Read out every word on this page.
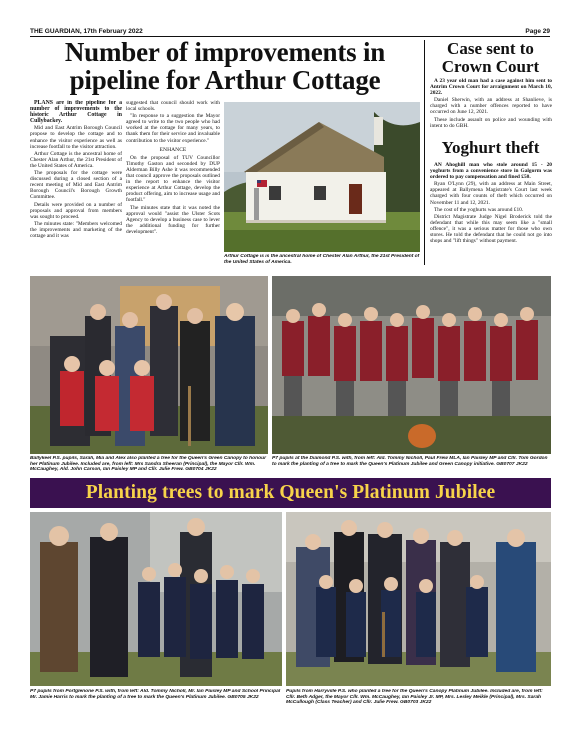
THE GUARDIAN, 17th February 2022	Page 29
Number of improvements in pipeline for Arthur Cottage

PLANS are in the pipeline for a number of improvements to the historic Arthur Cottage in Cullybackey.

Mid and East Antrim Borough Council propose to develop the cottage and to enhance the visitor experience as well as increase footfall to the visitor attraction.

Arthur Cottage is the ancestral home of Chester Alan Arthur, the 21st President of the United States of America.

The proposals for the cottage were discussed during a closed section of a recent meeting of Mid and East Antrim Borough Council's Borough Growth Committee.

Details were provided on a number of proposals and approval from members was sought to proceed.

The minutes state: "Members welcomed the improvements and marketing of the cottage and it was

suggested that council should work with local schools.

"In response to a suggestion the Mayor agreed to write to the two people who had worked at the cottage for many years, to thank them for their service and invaluable contribution to the visitor experience."

ENHANCE

On the proposal of TUV Councillor Timothy Gaston and seconded by DUP Alderman Billy Ashe it was recommended that council approve the proposals outlined in the report to enhance the visitor experience at Arthur Cottage, develop the product offering, aim to increase usage and footfall."

The minutes state that it was noted the approval would "assist the Ulster Scots Agency to develop a business case to lever the additional funding for further development".

Arthur Cottage is is the ancestral home of Chester Alan Arthur, the 21st President of the United States of America.
Case sent to Crown Court

A 23 year old man had a case against him sent to Antrim Crown Court for arraignment on March 10, 2022.

Daniel Sherwin, with an address at Shanlieve, is charged with a number offences reported to have occurred on June 12, 2021.

These include assault on police and wounding with intent to do GBH.

Yoghurt theft

AN Ahoghill man who stole around 15 - 20 yoghurts from a convenience store in Galgorm was ordered to pay compensation and fined £50.

Ryan O'Lynn (29), with an address at Main Street, appeared at Ballymena Magistrate's Court last week charged with four counts of theft which occurred on November 11 and 12, 2021.

The cost of the yoghurts was around £10.

District Magistrate Judge Nigel Broderick told the defendant that while this may seem like a "small offence", it was a serious matter for those who own stores. He told the defendant that he could not go into shops and "lift things" without payment.

Ballykeel P.S. pupils, Sarah, Mia and Alex also planted a tree for the Queen's Green Canopy to honour her Platinum Jubilee. Included are, from left: Mrs Sandra Sheeran (Principal), the Mayor Cllr. Wm. McCaughey, Ald. John Carson, Ian Paisley MP and Cllr. Julie Frew. GB0704 JK22
P7 pupils at the Diamond P.S. with, from left: Ald. Tommy Nicholl, Paul Frew MLA, Ian Paisley MP and Cllr. Tom Gordon to mark the planting of a tree to mark the Queen's Platinum Jubilee and Green Canopy initiative. GB0707 JK22
Planting trees to mark Queen's Platinum Jubilee
P7 pupils from Portglenone P.S. with, from left: Ald. Tommy Nicholl, Mr. Ian Paisley MP and School Principal Mr. Jamie Harris to mark the planting of a tree to mark the Queen's Platinum Jubilee. GB0705 JK22
Pupils from Harryville P.S. who planted a tree for the Queen's Canopy Platinum Jubilee. Included are, from left: Cllr. Beth Adger, the Mayor Cllr. Wm. McCaughey, Ian Paisley Jr. MP, Mrs. Lesley Meikle (Principal), Mrs. Sarah McCullough (Class Teacher) and Cllr. Julie Frew. GB0703 JK22
